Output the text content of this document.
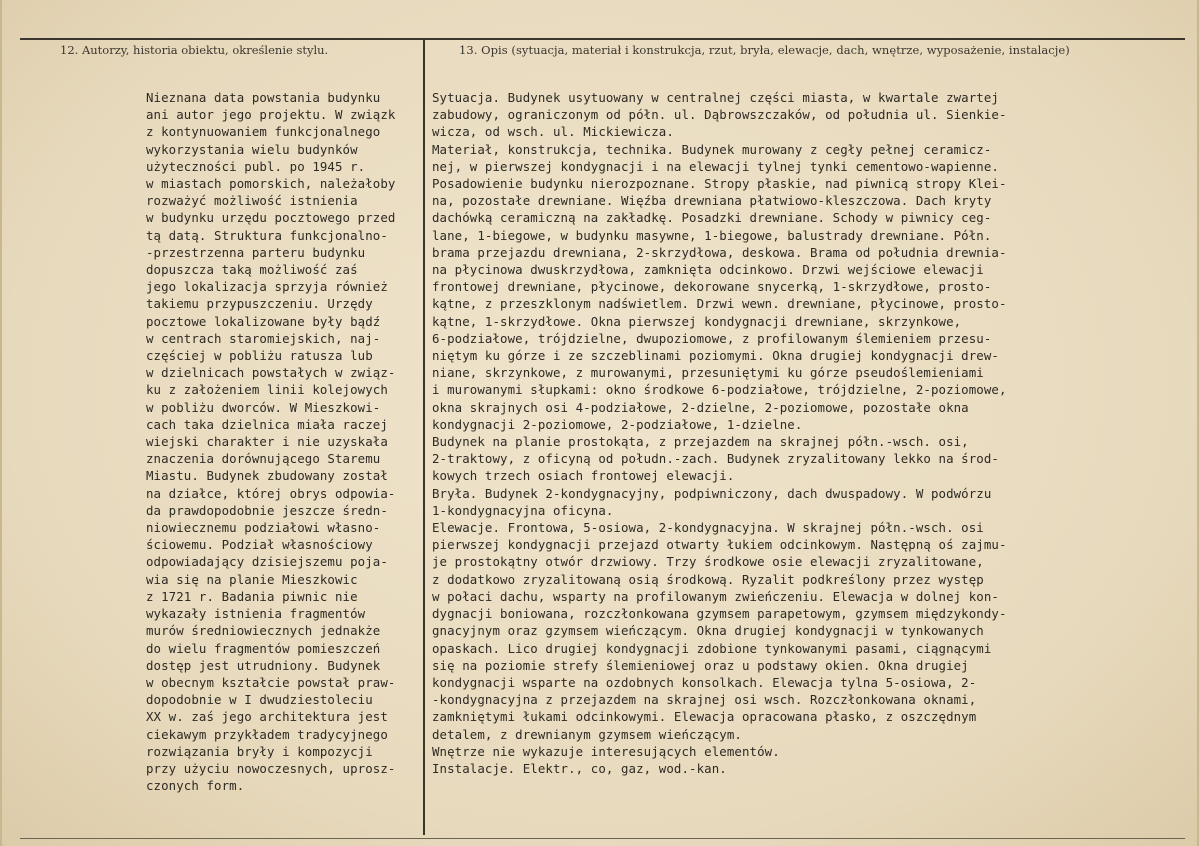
12. Autorzy, historia obiektu, określenie stylu.	13. Opis (sytuacja, materiał i konstrukcja, rzut, bryła, elewacje, dach, wnętrze, wyposażenie, instalacje)
Nieznana data powstania budynku
ani autor jego projektu. W związk
z kontynuowaniem funkcjonalnego
wykorzystania wielu budynków
użyteczności publ. po 1945 r.
w miastach pomorskich, należałoby
rozważyć możliwość istnienia
w budynku urzędu pocztowego przed
tą datą. Struktura funkcjonalno-
-przestrzenna parteru budynku
dopuszcza taką możliwość zaś
jego lokalizacja sprzyja również
takiemu przypuszczeniu. Urzędy
pocztowe lokalizowane były bądź
w centrach staromiejskich, naj-
częściej w pobliżu ratusza lub
w dzielnicach powstałych w związ-
ku z założeniem linii kolejowych
w pobliżu dworców. W Mieszkowi-
cach taka dzielnica miała raczej
wiejski charakter i nie uzyskała
znaczenia dorównującego Staremu
Miastu. Budynek zbudowany został
na działce, której obrys odpowia-
da prawdopodobnie jeszcze średn-
niowiecznemu podziałowi własno-
ściowemu. Podział własnościowy
odpowiadający dzisiejszemu poja-
wia się na planie Mieszkowic
z 1721 r. Badania piwnic nie
wykazały istnienia fragmentów
murów średniowiecznych jednakże
do wielu fragmentów pomieszczeń
dostęp jest utrudniony. Budynek
w obecnym kształcie powstał praw-
dopodobnie w I dwudziestoleciu
XX w. zaś jego architektura jest
ciekawym przykładem tradycyjnego
rozwiązania bryły i kompozycji
przy użyciu nowoczesnych, uprosz-
czonych form.
Sytuacja. Budynek usytuowany w centralnej części miasta, w kwartale zwartej
zabudowy, ograniczonym od półn. ul. Dąbrowszczaków, od południa ul. Sienkie-
wicza, od wsch. ul. Mickiewicza.
Materiał, konstrukcja, technika. Budynek murowany z cegły pełnej ceramicz-
nej, w pierwszej kondygnacji i na elewacji tylnej tynki cementowo-wapienne.
Posadowienie budynku nierozpoznane. Stropy płaskie, nad piwnicą stropy Klei-
na, pozostałe drewniane. Więźba drewniana płatwiowo-kleszczowa. Dach kryty
dachówką ceramiczną na zakładkę. Posadzki drewniane. Schody w piwnicy ceg-
lane, 1-biegowe, w budynku masywne, 1-biegowe, balustrady drewniane. Półn.
brama przejazdu drewniana, 2-skrzydłowa, deskowa. Brama od południa drewnia-
na płycinowa dwuskrzydłowa, zamknięta odcinkowo. Drzwi wejściowe elewacji
frontowej drewniane, płycinowe, dekorowane snycerką, 1-skrzydłowe, prosto-
kątne, z przeszklonym nadświetlem. Drzwi wewn. drewniane, płycinowe, prosto-
kątne, 1-skrzydłowe. Okna pierwszej kondygnacji drewniane, skrzynkowe,
6-podziałowe, trójdzielne, dwupoziomowe, z profilowanym ślemieniem przesu-
niętym ku górze i ze szczeblinami poziomymi. Okna drugiej kondygnacji drew-
niane, skrzynkowe, z murowanymi, przesuniętymi ku górze pseudoślemieniami
i murowanymi słupkami: okno środkowe 6-podziałowe, trójdzielne, 2-poziomowe,
okna skrajnych osi 4-podziałowe, 2-dzielne, 2-poziomowe, pozostałe okna
kondygnacji 2-poziomowe, 2-podziałowe, 1-dzielne.
Budynek na planie prostokąta, z przejazdem na skrajnej półn.-wsch. osi,
2-traktowy, z oficyną od połudn.-zach. Budynek zryzalitowany lekko na środ-
kowych trzech osiach frontowej elewacji.
Bryła. Budynek 2-kondygnacyjny, podpiwniczony, dach dwuspadowy. W podwórzu
1-kondygnacyjna oficyna.
Elewacje. Frontowa, 5-osiowa, 2-kondygnacyjna. W skrajnej półn.-wsch. osi
pierwszej kondygnacji przejazd otwarty łukiem odcinkowym. Następną oś zajmu-
je prostokątny otwór drzwiowy. Trzy środkowe osie elewacji zryzalitowane,
z dodatkowo zryzalitowaną osią środkową. Ryzalit podkreślony przez występ
w połaci dachu, wsparty na profilowanym zwieńczeniu. Elewacja w dolnej kon-
dygnacji boniowana, rozczłonkowana gzymsem parapetowym, gzymsem międzykondy-
gnacyjnym oraz gzymsem wieńczącym. Okna drugiej kondygnacji w tynkowanych
opaskach. Lico drugiej kondygnacji zdobione tynkowanymi pasami, ciągnącymi
się na poziomie strefy ślemieniowej oraz u podstawy okien. Okna drugiej
kondygnacji wsparte na ozdobnych konsolkach. Elewacja tylna 5-osiowa, 2-
-kondygnacyjna z przejazdem na skrajnej osi wsch. Rozczłonkowana oknami,
zamkniętymi łukami odcinkowymi. Elewacja opracowana płasko, z oszczędnym
detalem, z drewnianym gzymsem wieńczącym.
Wnętrze nie wykazuje interesujących elementów.
Instalacje. Elektr., co, gaz, wod.-kan.
